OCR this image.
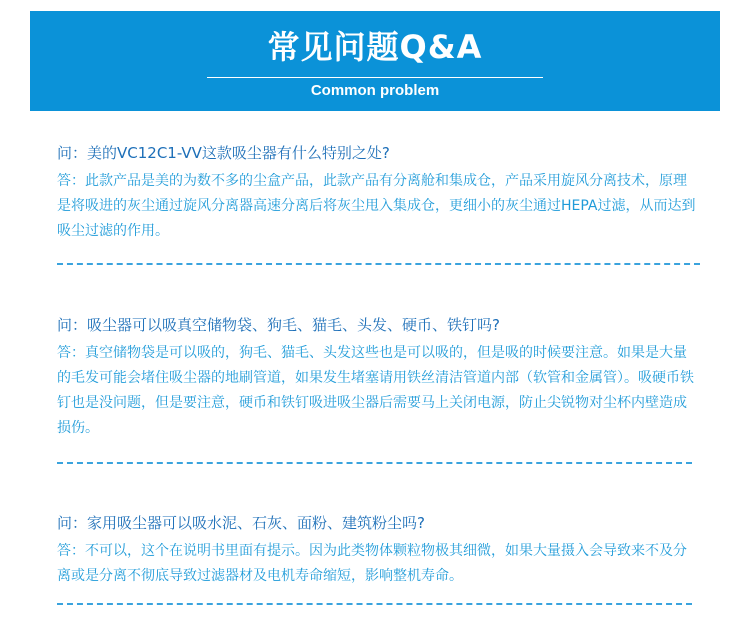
常见问题Q&A
Common problem
问：美的VC12C1-VV这款吸尘器有什么特别之处?
答：此款产品是美的为数不多的尘盒产品，此款产品有分离舱和集成仓，产品采用旋风分离技术，原理是将吸进的灰尘通过旋风分离器高速分离后将灰尘甩入集成仓，更细小的灰尘通过HEPA过滤，从而达到吸尘过滤的作用。
问：吸尘器可以吸真空储物袋、狗毛、猫毛、头发、硬币、铁钉吗?
答：真空储物袋是可以吸的，狗毛、猫毛、头发这些也是可以吸的，但是吸的时候要注意。如果是大量的毛发可能会堵住吸尘器的地刷管道，如果发生堵塞请用铁丝清洁管道内部（软管和金属管）。吸硬币铁钉也是没问题，但是要注意，硬币和铁钉吸进吸尘器后需要马上关闭电源，防止尖锐物对尘杯内壁造成损伤。
问：家用吸尘器可以吸水泥、石灰、面粉、建筑粉尘吗?
答：不可以，这个在说明书里面有提示。因为此类物体颗粒物极其细微，如果大量摄入会导致来不及分离或是分离不彻底导致过滤器材及电机寿命缩短，影响整机寿命。
